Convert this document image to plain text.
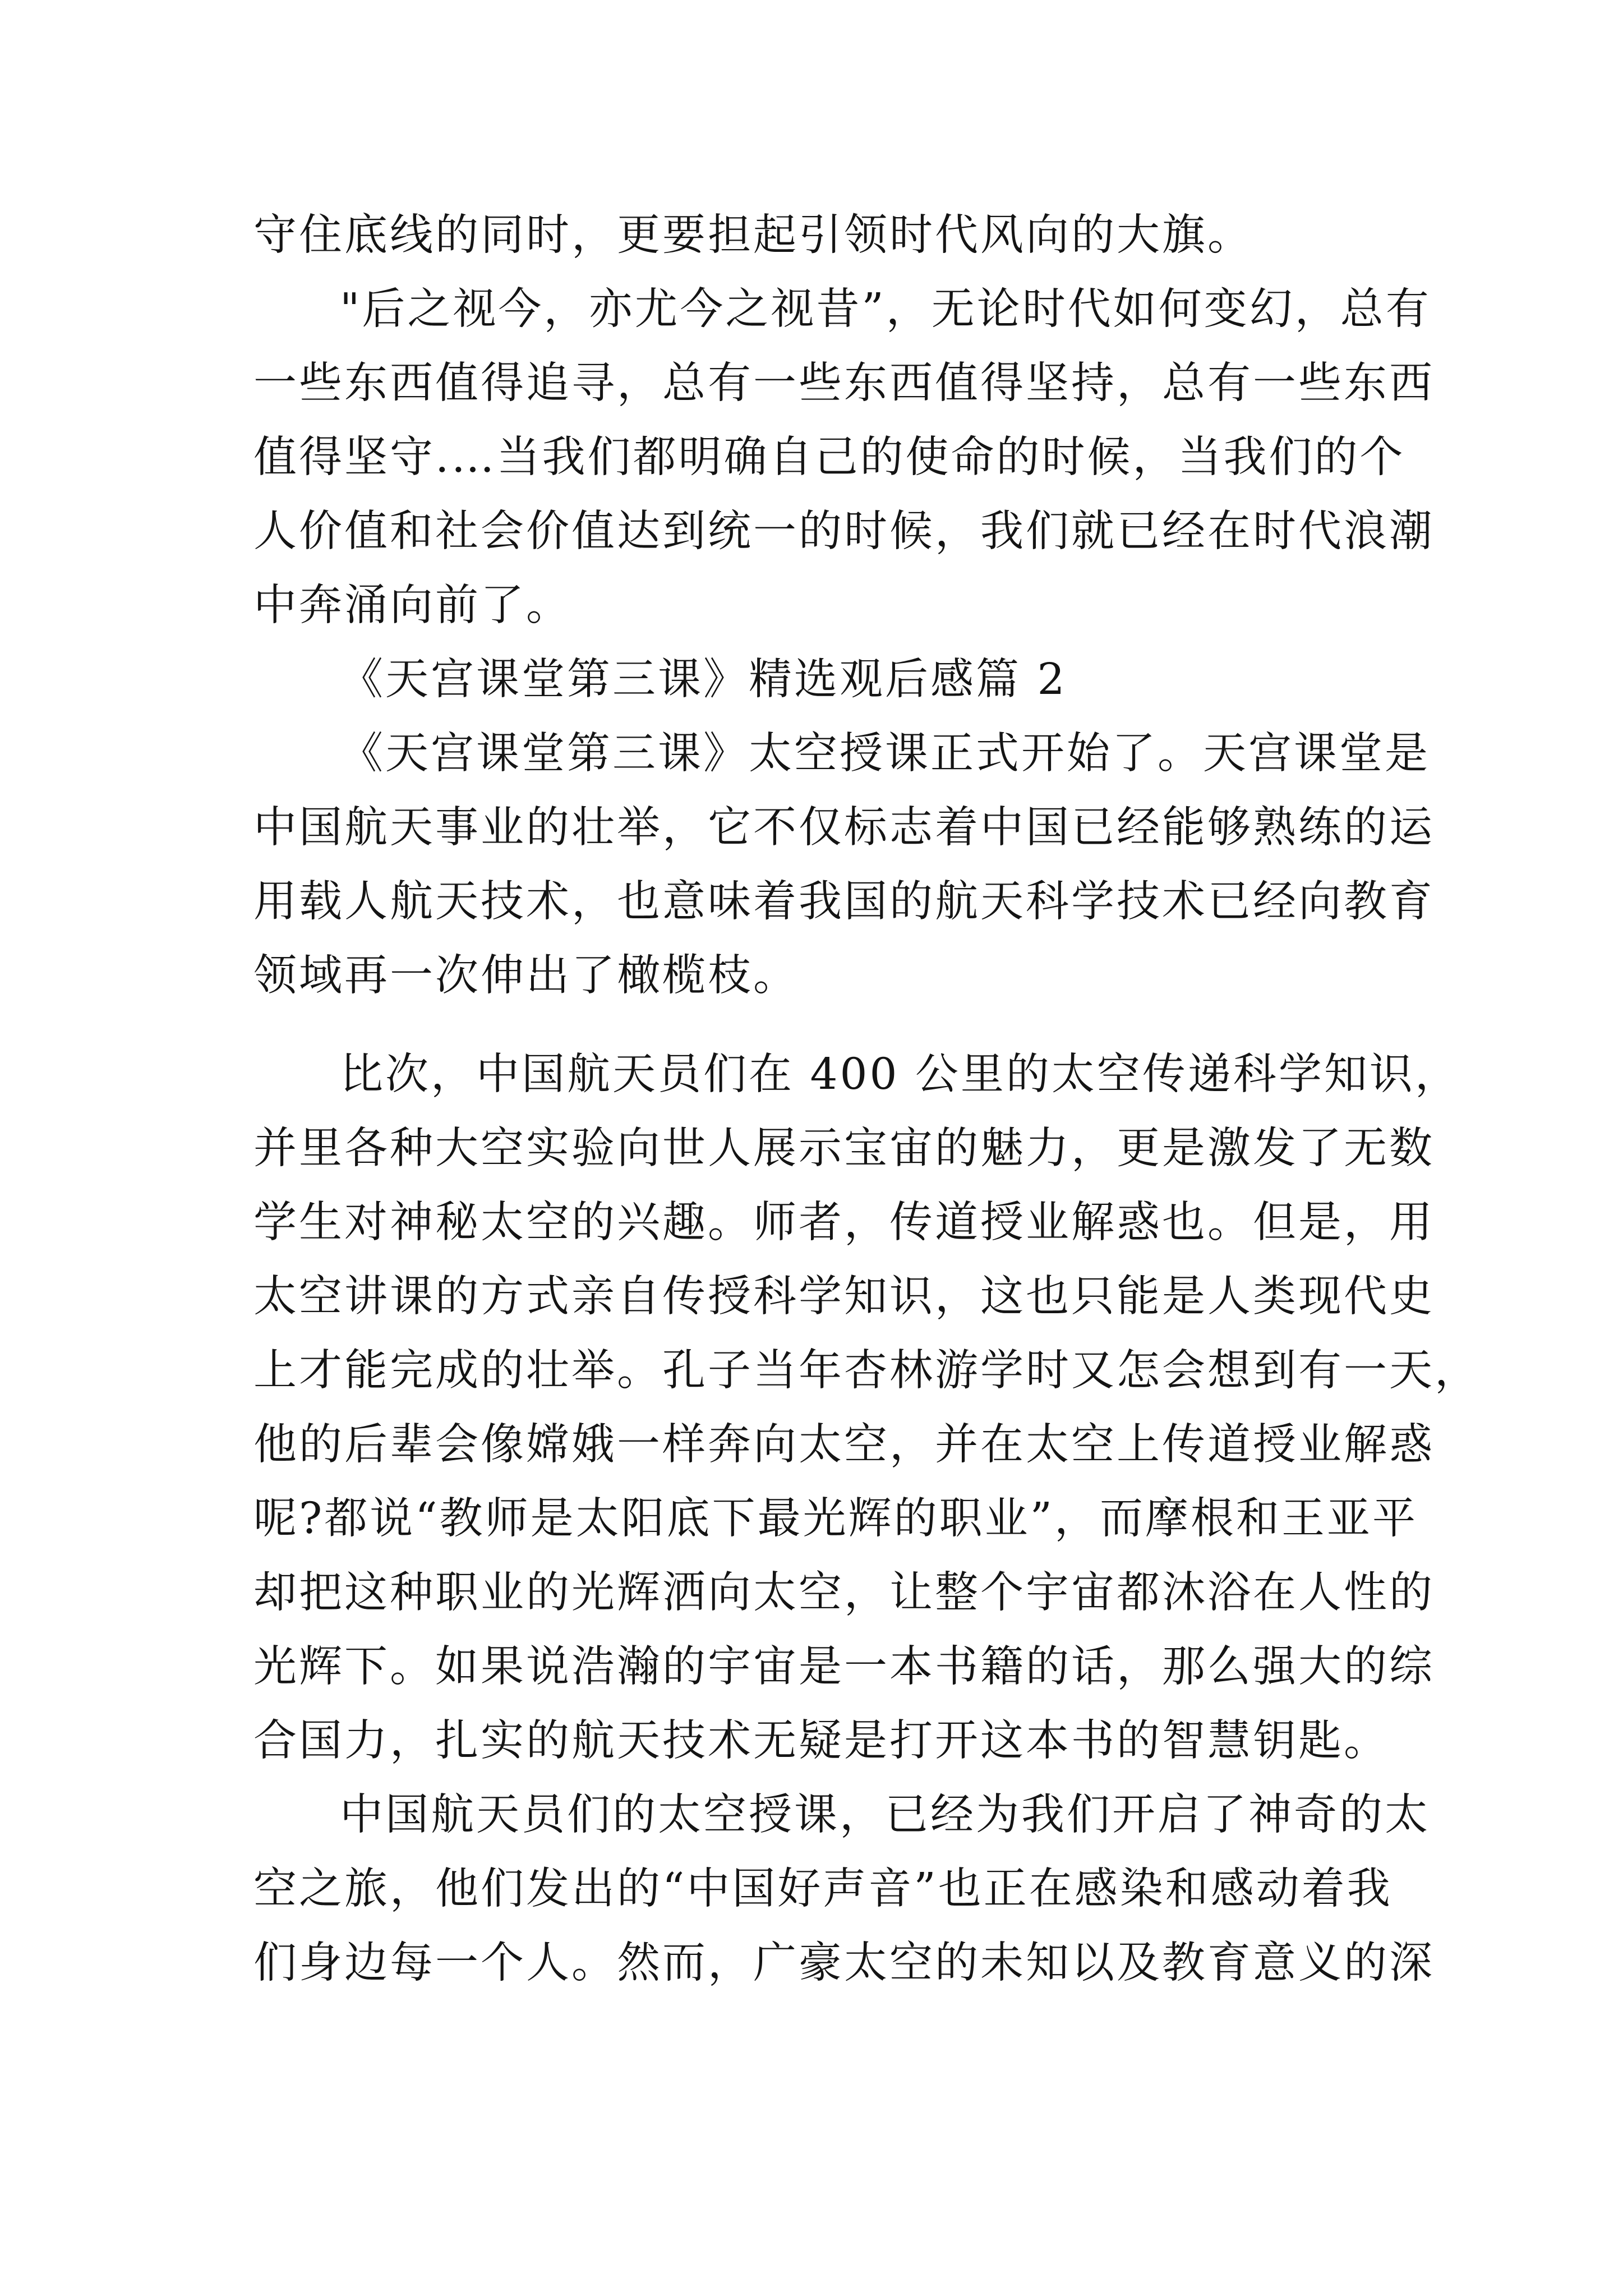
守住底线的同时，更要担起引领时代风向的大旗。
"后之视今，亦尤今之视昔”，无论时代如何变幻，总有
一些东西值得追寻，总有一些东西值得坚持，总有一些东西
值得坚守.…当我们都明确自己的使命的时候，当我们的个
人价值和社会价值达到统一的时候，我们就已经在时代浪潮
中奔涌向前了。
《天宫课堂第三课》精选观后感篇 2
《天宫课堂第三课》太空授课正式开始了。天宫课堂是
中国航天事业的壮举，它不仅标志着中国已经能够熟练的运
用载人航天技术，也意味着我国的航天科学技术已经向教育
领域再一次伸出了橄榄枝。
比次，中国航天员们在 400 公里的太空传递科学知识，
并里各种大空实验向世人展示宝宙的魅力，更是激发了无数
学生对神秘太空的兴趣。师者，传道授业解惑也。但是，用
太空讲课的方式亲自传授科学知识，这也只能是人类现代史
上才能完成的壮举。孔子当年杏林游学时又怎会想到有一天，
他的后辈会像嫦娥一样奔向太空，并在太空上传道授业解惑
呢?都说“教师是太阳底下最光辉的职业”，而摩根和王亚平
却把这种职业的光辉洒向太空，让整个宇宙都沐浴在人性的
光辉下。如果说浩瀚的宇宙是一本书籍的话，那么强大的综
合国力，扎实的航天技术无疑是打开这本书的智慧钥匙。
中国航天员们的太空授课，已经为我们开启了神奇的太
空之旅，他们发出的“中国好声音”也正在感染和感动着我
们身边每一个人。然而，广豪太空的未知以及教育意义的深
